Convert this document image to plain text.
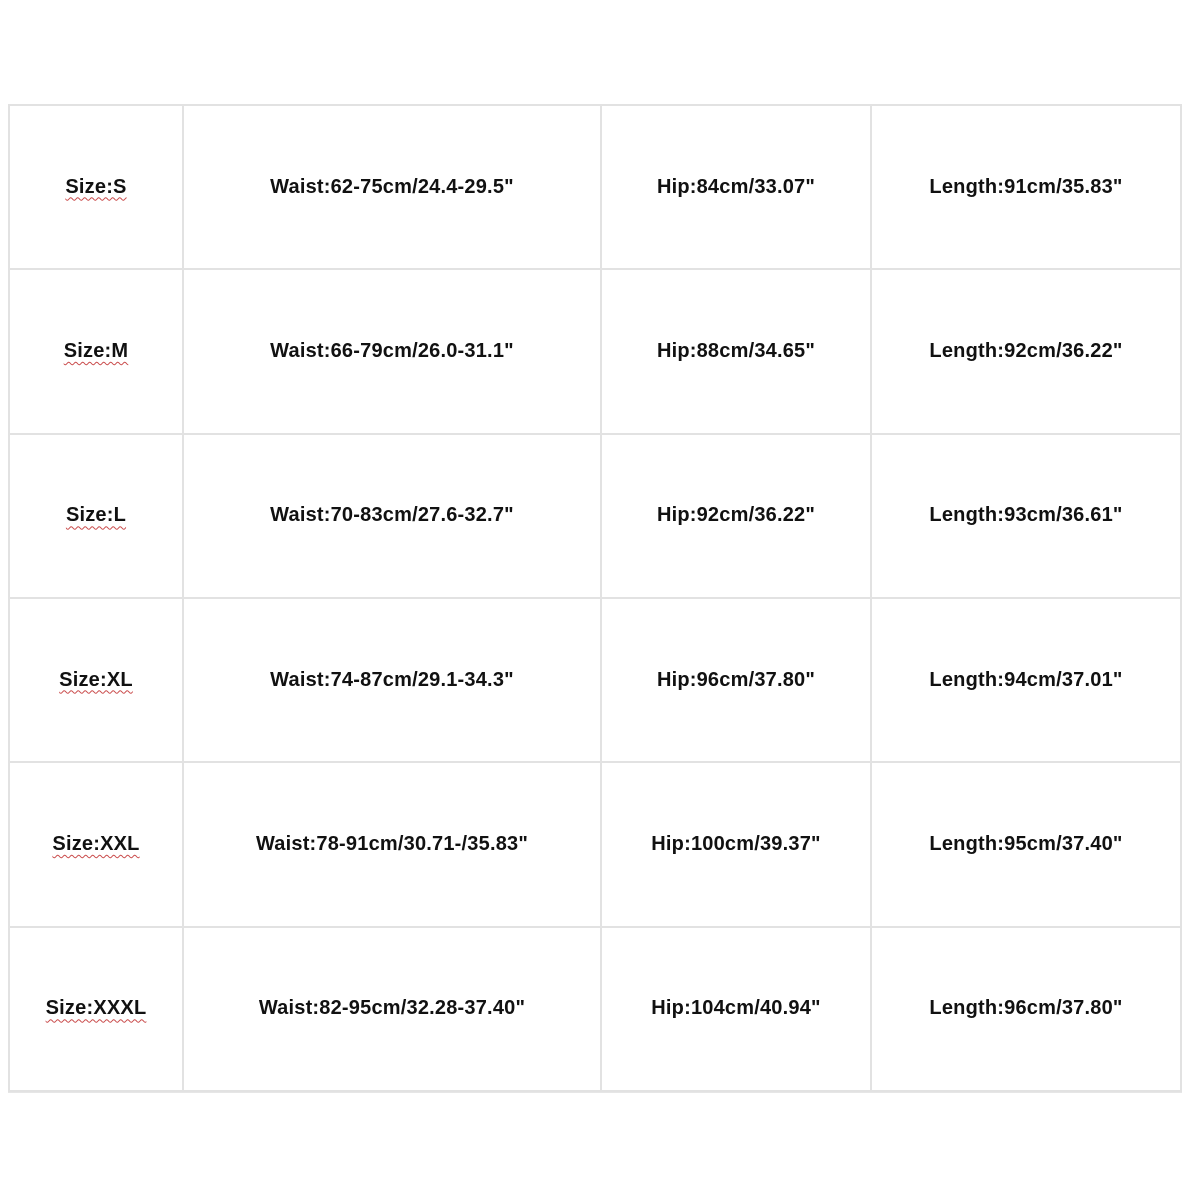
Size:S	Waist:62-75cm/24.4-29.5"	Hip:84cm/33.07"	Length:91cm/35.83"
Size:M	Waist:66-79cm/26.0-31.1"	Hip:88cm/34.65"	Length:92cm/36.22"
Size:L	Waist:70-83cm/27.6-32.7"	Hip:92cm/36.22"	Length:93cm/36.61"
Size:XL	Waist:74-87cm/29.1-34.3"	Hip:96cm/37.80"	Length:94cm/37.01"
Size:XXL	Waist:78-91cm/30.71-/35.83"	Hip:100cm/39.37"	Length:95cm/37.40"
Size:XXXL	Waist:82-95cm/32.28-37.40"	Hip:104cm/40.94"	Length:96cm/37.80"
